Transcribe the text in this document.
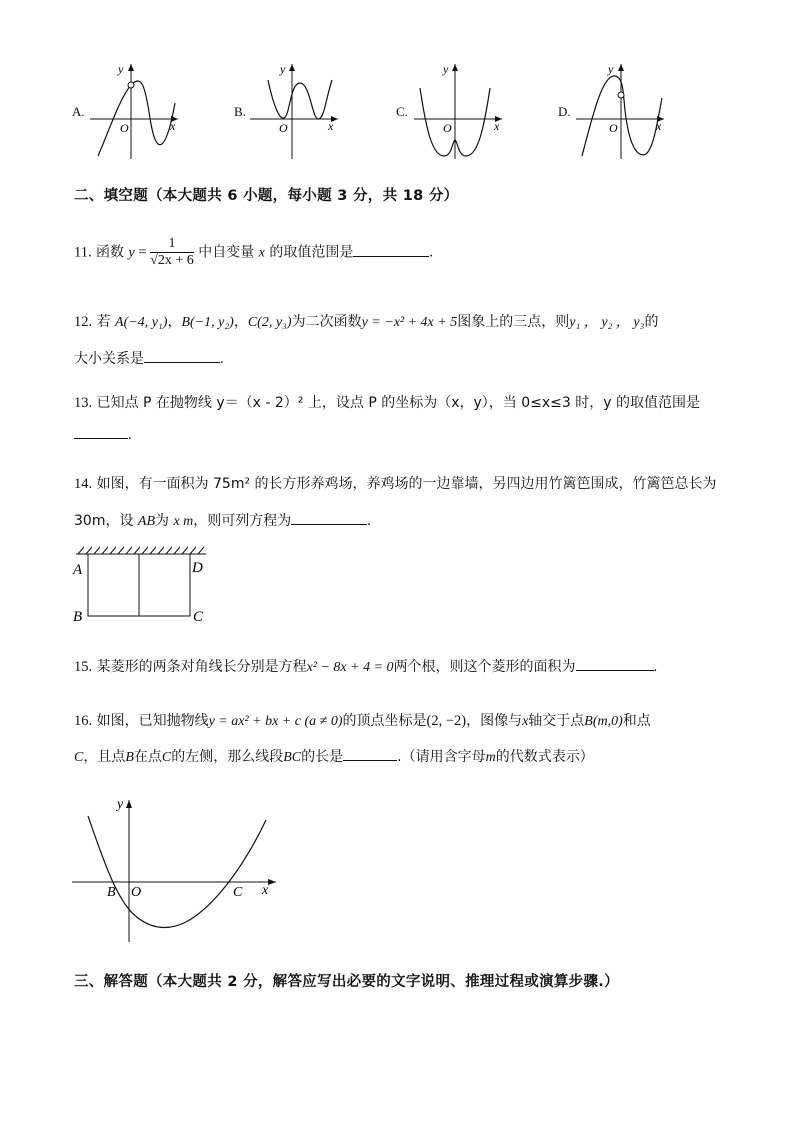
A.
y
O	x
B.
y
O	x
C.
y
O	x
D.
y
O	x
二、填空题（本大题共 6 小题，每小题 3 分，共 18 分）
11. 函数 $y = \frac{1}{√2x + 6}$ 中自变量 x 的取值范围是	.
12. 若 A(−4, y₁)，B(−1, y₂)，C(2, y₃)为二次函数y = −x² + 4x + 5图象上的三点，则y₁ ， y₂ ， y₃的
大小关系是	.
13. 已知点 P 在抛物线 y＝（x - 2）² 上，设点 P 的坐标为（x，y），当 0≤x≤3 时，y 的取值范围是
.
14. 如图，有一面积为 75m² 的长方形养鸡场，养鸡场的一边靠墙，另四边用竹篱笆围成，竹篱笆总长为
30m，设 AB为 x m，则可列方程为	.
A
B	C
D
15. 某菱形的两条对角线长分别是方程x² − 8x + 4 = 0两个根，则这个菱形的面积为	.
16. 如图，已知抛物线y = ax² + bx + c (a ≠ 0)的顶点坐标是(2, −2)，图像与x轴交于点B(m,0)和点
C，且点B在点C的左侧，那么线段BC的长是	.（请用含字母m的代数式表示）
y
x
B O	C
三、解答题（本大题共 2 分，解答应写出必要的文字说明、推理过程或演算步骤.）
